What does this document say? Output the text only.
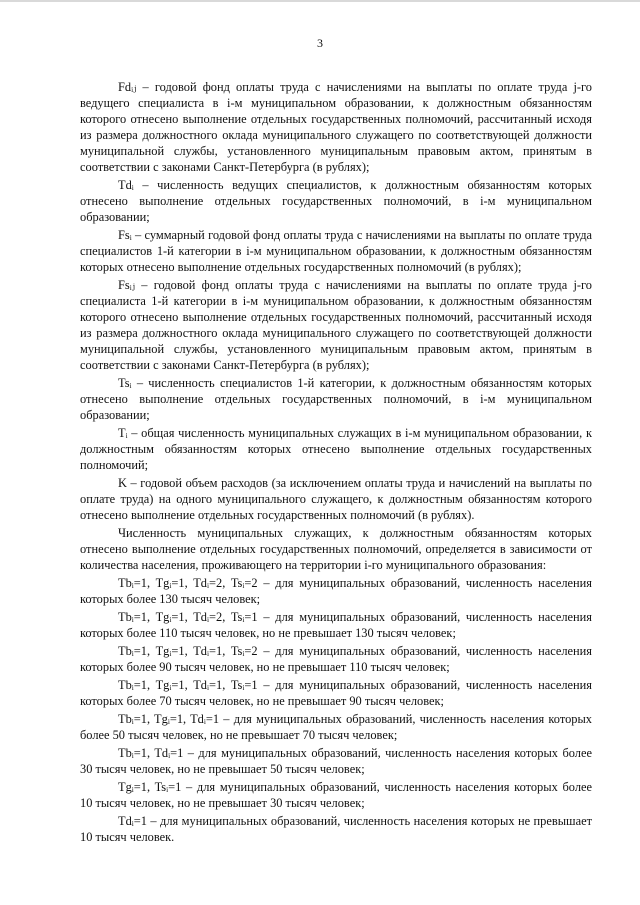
3

Fdᵢⱼ – годовой фонд оплаты труда с начислениями на выплаты по оплате труда j-го ведущего специалиста в i-м муниципальном образовании, к должностным обязанностям которого отнесено выполнение отдельных государственных полномочий, рассчитанный исходя из размера должностного оклада муниципального служащего по соответствующей должности муниципальной службы, установленного муниципальным правовым актом, принятым в соответствии с законами Санкт-Петербурга (в рублях);

Tdᵢ – численность ведущих специалистов, к должностным обязанностям которых отнесено выполнение отдельных государственных полномочий, в i-м муниципальном образовании;

Fsᵢ – суммарный годовой фонд оплаты труда с начислениями на выплаты по оплате труда специалистов 1-й категории в i-м муниципальном образовании, к должностным обязанностям которых отнесено выполнение отдельных государственных полномочий (в рублях);

Fsᵢⱼ – годовой фонд оплаты труда с начислениями на выплаты по оплате труда j-го специалиста 1-й категории в i-м муниципальном образовании, к должностным обязанностям которого отнесено выполнение отдельных государственных полномочий, рассчитанный исходя из размера должностного оклада муниципального служащего по соответствующей должности муниципальной службы, установленного муниципальным правовым актом, принятым в соответствии с законами Санкт-Петербурга (в рублях);

Tsᵢ – численность специалистов 1-й категории, к должностным обязанностям которых отнесено выполнение отдельных государственных полномочий, в i-м муниципальном образовании;

Tᵢ – общая численность муниципальных служащих в i-м муниципальном образовании, к должностным обязанностям которых отнесено выполнение отдельных государственных полномочий;

K – годовой объем расходов (за исключением оплаты труда и начислений на выплаты по оплате труда) на одного муниципального служащего, к должностным обязанностям которого отнесено выполнение отдельных государственных полномочий (в рублях).

Численность муниципальных служащих, к должностным обязанностям которых отнесено выполнение отдельных государственных полномочий, определяется в зависимости от количества населения, проживающего на территории i-го муниципального образования:

Tbᵢ=1, Tgᵢ=1, Tdᵢ=2, Tsᵢ=2 – для муниципальных образований, численность населения которых более 130 тысяч человек;

Tbᵢ=1, Tgᵢ=1, Tdᵢ=2, Tsᵢ=1 – для муниципальных образований, численность населения которых более 110 тысяч человек, но не превышает 130 тысяч человек;

Tbᵢ=1, Tgᵢ=1, Tdᵢ=1, Tsᵢ=2 – для муниципальных образований, численность населения которых более 90 тысяч человек, но не превышает 110 тысяч человек;

Tbᵢ=1, Tgᵢ=1, Tdᵢ=1, Tsᵢ=1 – для муниципальных образований, численность населения которых более 70 тысяч человек, но не превышает 90 тысяч человек;

Tbᵢ=1, Tgᵢ=1, Tdᵢ=1 – для муниципальных образований, численность населения которых более 50 тысяч человек, но не превышает 70 тысяч человек;

Tbᵢ=1, Tdᵢ=1 – для муниципальных образований, численность населения которых более 30 тысяч человек, но не превышает 50 тысяч человек;

Tgᵢ=1, Tsᵢ=1 – для муниципальных образований, численность населения которых более 10 тысяч человек, но не превышает 30 тысяч человек;

Tdᵢ=1 – для муниципальных образований, численность населения которых не превышает 10 тысяч человек.
